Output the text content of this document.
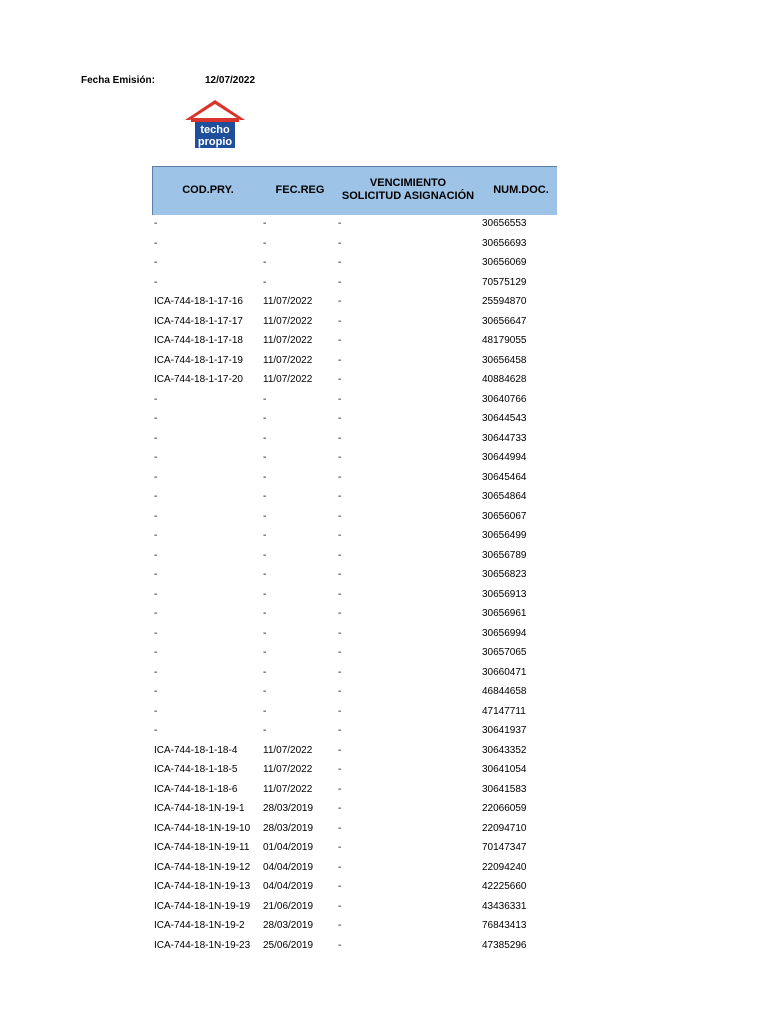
Fecha Emisión:	12/07/2022
techo
propio
COD.PRY.	FEC.REG
VENCIMIENTO
SOLICITUD ASIGNACIÓN	NUM.DOC.
-	-	-	30656553
-	-	-	30656693
-	-	-	30656069
-	-	-	70575129
ICA-744-18-1-17-16 11/07/2022	-	25594870
ICA-744-18-1-17-17 11/07/2022	-	30656647
ICA-744-18-1-17-18 11/07/2022	-	48179055
ICA-744-18-1-17-19 11/07/2022	-	30656458
ICA-744-18-1-17-20 11/07/2022	-	40884628
-	-	-	30640766
-	-	-	30644543
-	-	-	30644733
-	-	-	30644994
-	-	-	30645464
-	-	-	30654864
-	-	-	30656067
-	-	-	30656499
-	-	-	30656789
-	-	-	30656823
-	-	-	30656913
-	-	-	30656961
-	-	-	30656994
-	-	-	30657065
-	-	-	30660471
-	-	-	46844658
-	-	-	47147711
-	-	-	30641937
ICA-744-18-1-18-4	11/07/2022	-	30643352
ICA-744-18-1-18-5	11/07/2022	-	30641054
ICA-744-18-1-18-6	11/07/2022	-	30641583
ICA-744-18-1N-19-1 28/03/2019 -	22066059
ICA-744-18-1N-19-10 28/03/2019 -	22094710
ICA-744-18-1N-19-11 01/04/2019 -	70147347
ICA-744-18-1N-19-12 04/04/2019 -	22094240
ICA-744-18-1N-19-13 04/04/2019 -	42225660
ICA-744-18-1N-19-19 21/06/2019 -	43436331
ICA-744-18-1N-19-2 28/03/2019 -	76843413
ICA-744-18-1N-19-23 25/06/2019 -	47385296
